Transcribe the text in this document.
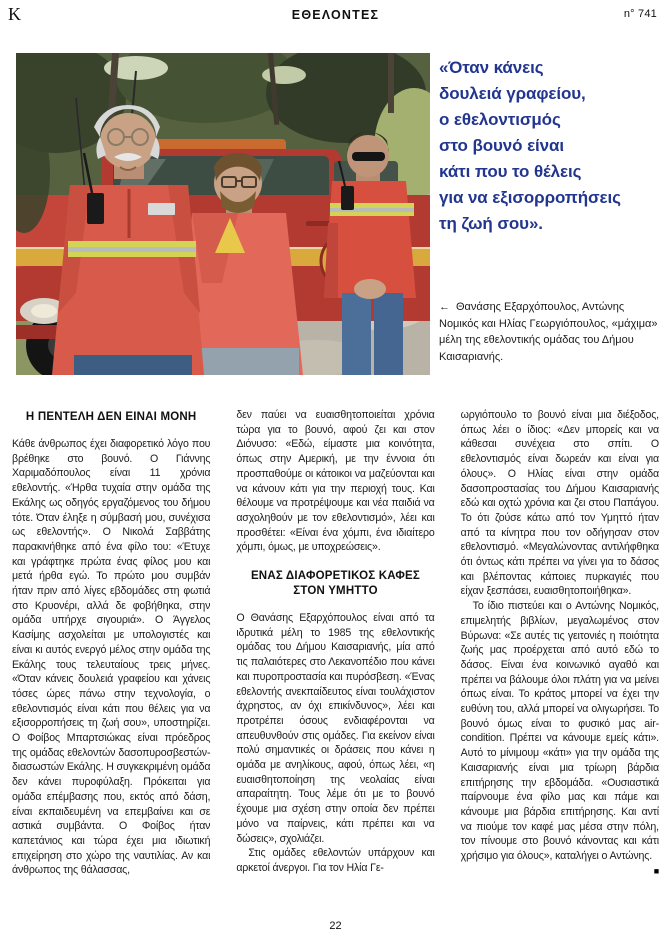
K	ΕΘΕΛΟΝΤΕΣ	n° 741
«Όταν κάνεις
δουλειά γραφείου,
ο εθελοντισμός
στο βουνό είναι
κάτι που το θέλεις
για να εξισορροπήσεις
τη ζωή σου».
← Θανάσης Εξαρχόπουλος, Αντώνης Νομικός και Ηλίας Γεωργιόπουλος, «μάχιμα» μέλη της εθελοντικής ομάδας του Δήμου Καισαριανής.
Η ΠΕΝΤΕΛΗ ΔΕΝ ΕΙΝΑΙ ΜΟΝΗ

Κάθε άνθρωπος έχει διαφορετικό λόγο που βρέθηκε στο βουνό. Ο Γιάννης Χαριμαδόπουλος είναι 11 χρόνια εθελοντής. «Ήρθα τυχαία στην ομάδα της Εκάλης ως οδηγός εργαζόμενος του δήμου τότε. Όταν έληξε η σύμβασή μου, συνέχισα ως εθελοντής». Ο Νικολά Σαββάτης παρακινήθηκε από ένα φίλο του: «Έτυχε και γράφτηκε πρώτα ένας φίλος μου και μετά ήρθα εγώ. Το πρώτο μου συμβάν ήταν πριν από λίγες εβδομάδες στη φωτιά στο Κρυονέρι, αλλά δε φοβήθηκα, στην ομάδα υπήρχε σιγουριά». Ο Άγγελος Κασίμης ασχολείται με υπολογιστές και είναι κι αυτός ενεργό μέλος στην ομάδα της Εκάλης τους τελευταίους τρεις μήνες. «Όταν κάνεις δουλειά γραφείου και χάνεις τόσες ώρες πάνω στην τεχνολογία, ο εθελοντισμός είναι κάτι που θέλεις για να εξισορροπήσεις τη ζωή σου», υποστηρίζει. Ο Φοίβος Μπαρτσιώκας είναι πρόεδρος της ομάδας εθελοντών δασοπυροσβεστών-διασωστών Εκάλης. Η συγκεκριμένη ομάδα δεν κάνει πυροφύλαξη. Πρόκειται για ομάδα επέμβασης που, εκτός από δάση, είναι εκπαιδευμένη να επεμβαίνει και σε αστικά συμβάντα. Ο Φοίβος ήταν καπετάνιος και τώρα έχει μια ιδιωτική επιχείρηση στο χώρο της ναυτιλίας. Αν και άνθρωπος της θάλασσας,

δεν παύει να ευαισθητοποιείται χρόνια τώρα για το βουνό, αφού ζει και στον Διόνυσο: «Εδώ, είμαστε μια κοινότητα, όπως στην Αμερική, με την έννοια ότι προσπαθούμε οι κάτοικοι να μαζεύονται και να κάνουν κάτι για την περιοχή τους. Και θέλουμε να προτρέψουμε και νέα παιδιά να ασχοληθούν με τον εθελοντισμό», λέει και προσθέτει: «Είναι ένα χόμπι, ένα ιδιαίτερο χόμπι, όμως, με υποχρεώσεις».

ΕΝΑΣ ΔΙΑΦΟΡΕΤΙΚΟΣ ΚΑΦΕΣ ΣΤΟΝ ΥΜΗΤΤΟ

Ο Θανάσης Εξαρχόπουλος είναι από τα ιδρυτικά μέλη το 1985 της εθελοντικής ομάδας του Δήμου Καισαριανής, μία από τις παλαιότερες στο Λεκανοπέδιο που κάνει και πυροπροστασία και πυρόσβεση. «Ένας εθελοντής ανεκπαίδευτος είναι τουλάχιστον άχρηστος, αν όχι επικίνδυνος», λέει και προτρέπει όσους ενδιαφέρονται να απευθυνθούν στις ομάδες. Για εκείνον είναι πολύ σημαντικές οι δράσεις που κάνει η ομάδα με ανηλίκους, αφού, όπως λέει, «η ευαισθητοποίηση της νεολαίας είναι απαραίτητη. Τους λέμε ότι με το βουνό έχουμε μια σχέση στην οποία δεν πρέπει μόνο να παίρνεις, κάτι πρέπει και να δώσεις», σχολιάζει.

Στις ομάδες εθελοντών υπάρχουν και αρκετοί άνεργοι. Για τον Ηλία Γε-

ωργιόπουλο το βουνό είναι μια διέξοδος, όπως λέει ο ίδιος: «Δεν μπορείς και να κάθεσαι συνέχεια στο σπίτι. Ο εθελοντισμός είναι δωρεάν και είναι για όλους». Ο Ηλίας είναι στην ομάδα δασοπροστασίας του Δήμου Καισαριανής εδώ και οχτώ χρόνια και ζει στου Παπάγου. Το ότι ζούσε κάτω από τον Υμηττό ήταν από τα κίνητρα που τον οδήγησαν στον εθελοντισμό. «Μεγαλώνοντας αντιλήφθηκα ότι όντως κάτι πρέπει να γίνει για το δάσος και βλέποντας κάποιες πυρκαγιές που είχαν ξεσπάσει, ευαισθητοποιήθηκα».

Το ίδιο πιστεύει και ο Αντώνης Νομικός, επιμελητής βιβλίων, μεγαλωμένος στον Βύρωνα: «Σε αυτές τις γειτονιές η ποιότητα ζωής μας προέρχεται από αυτό εδώ το δάσος. Είναι ένα κοινωνικό αγαθό και πρέπει να βάλουμε όλοι πλάτη για να μείνει όπως είναι. Το κράτος μπορεί να έχει την ευθύνη του, αλλά μπορεί να ολιγωρήσει. Το βουνό όμως είναι το φυσικό μας air-condition. Πρέπει να κάνουμε εμείς κάτι». Αυτό το μίνιμουμ «κάτι» για την ομάδα της Καισαριανής είναι μια τρίωρη βάρδια επιτήρησης την εβδομάδα. «Ουσιαστικά παίρνουμε ένα φίλο μας και πάμε και κάνουμε μια βάρδια επιτήρησης. Και αντί να πιούμε τον καφέ μας μέσα στην πόλη, τον πίνουμε στο βουνό κάνοντας και κάτι χρήσιμο για όλους», καταλήγει ο Αντώνης.
■

22
